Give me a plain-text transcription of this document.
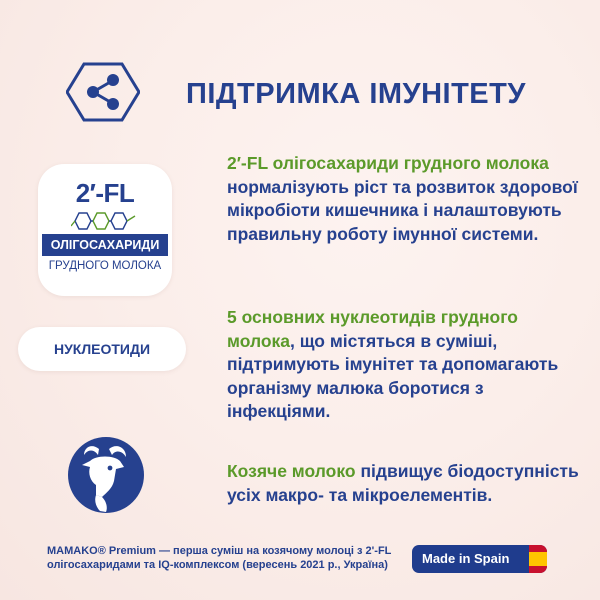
ПІДТРИМКА ІМУНІТЕТУ
2′-FL
ОЛІГОСАХАРИДИ
ГРУДНОГО МОЛОКА

2′-FL олігосахариди грудного молока нормалізують ріст та розвиток здорової мікробіоти кишечника і налаштовують правильну роботу імунної системи.

НУКЛЕОТИДИ

5 основних нуклеотидів грудного молока, що містяться в суміші, підтримують імунітет та допомагають організму малюка боротися з інфекціями.

Козяче молоко підвищує біодоступність усіх макро- та мікроелементів.

MAMAKO® Premium — перша суміш на козячому молоці з 2'-FL олігосахаридами та IQ-комплексом (вересень 2021 р., Україна)	Made in Spain
